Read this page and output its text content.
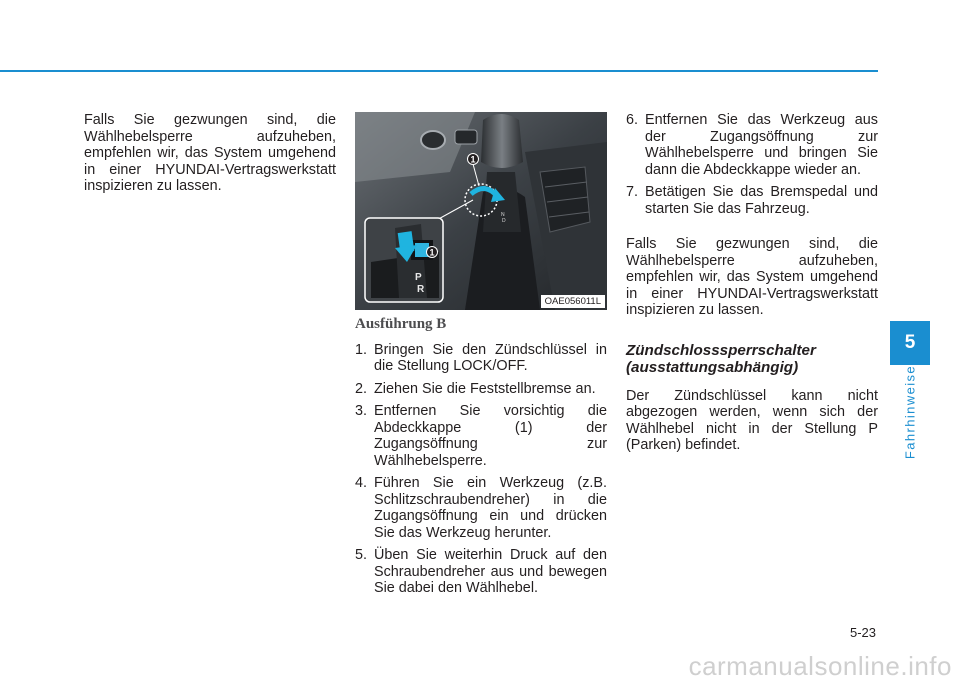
Falls Sie gezwungen sind, die Wählhebelsperre aufzuheben, empfehlen wir, das System umgehend in einer HYUNDAI-Vertragswerkstatt inspizieren zu lassen.

1
1
P
R
N
D
OAE056011L

Ausführung B

1. Bringen Sie den Zündschlüssel in die Stellung LOCK/OFF.
2. Ziehen Sie die Feststellbremse an.
3. Entfernen Sie vorsichtig die Abdeckkappe (1) der Zugangsöffnung zur Wählhebelsperre.
4. Führen Sie ein Werkzeug (z.B. Schlitzschraubendreher) in die Zugangsöffnung ein und drücken Sie das Werkzeug herunter.
5. Üben Sie weiterhin Druck auf den Schraubendreher aus und bewegen Sie dabei den Wählhebel.
6. Entfernen Sie das Werkzeug aus der Zugangsöffnung zur Wählhebelsperre und bringen Sie dann die Abdeckkappe wieder an.
7. Betätigen Sie das Bremspedal und starten Sie das Fahrzeug.

Falls Sie gezwungen sind, die Wählhebelsperre aufzuheben, empfehlen wir, das System umgehend in einer HYUNDAI-Vertragswerkstatt inspizieren zu lassen.

Zündschlosssperrschalter (ausstattungsabhängig)

Der Zündschlüssel kann nicht abgezogen werden, wenn sich der Wählhebel nicht in der Stellung P (Parken) befindet.

5
Fahrhinweise
5-23
carmanualsonline.info
